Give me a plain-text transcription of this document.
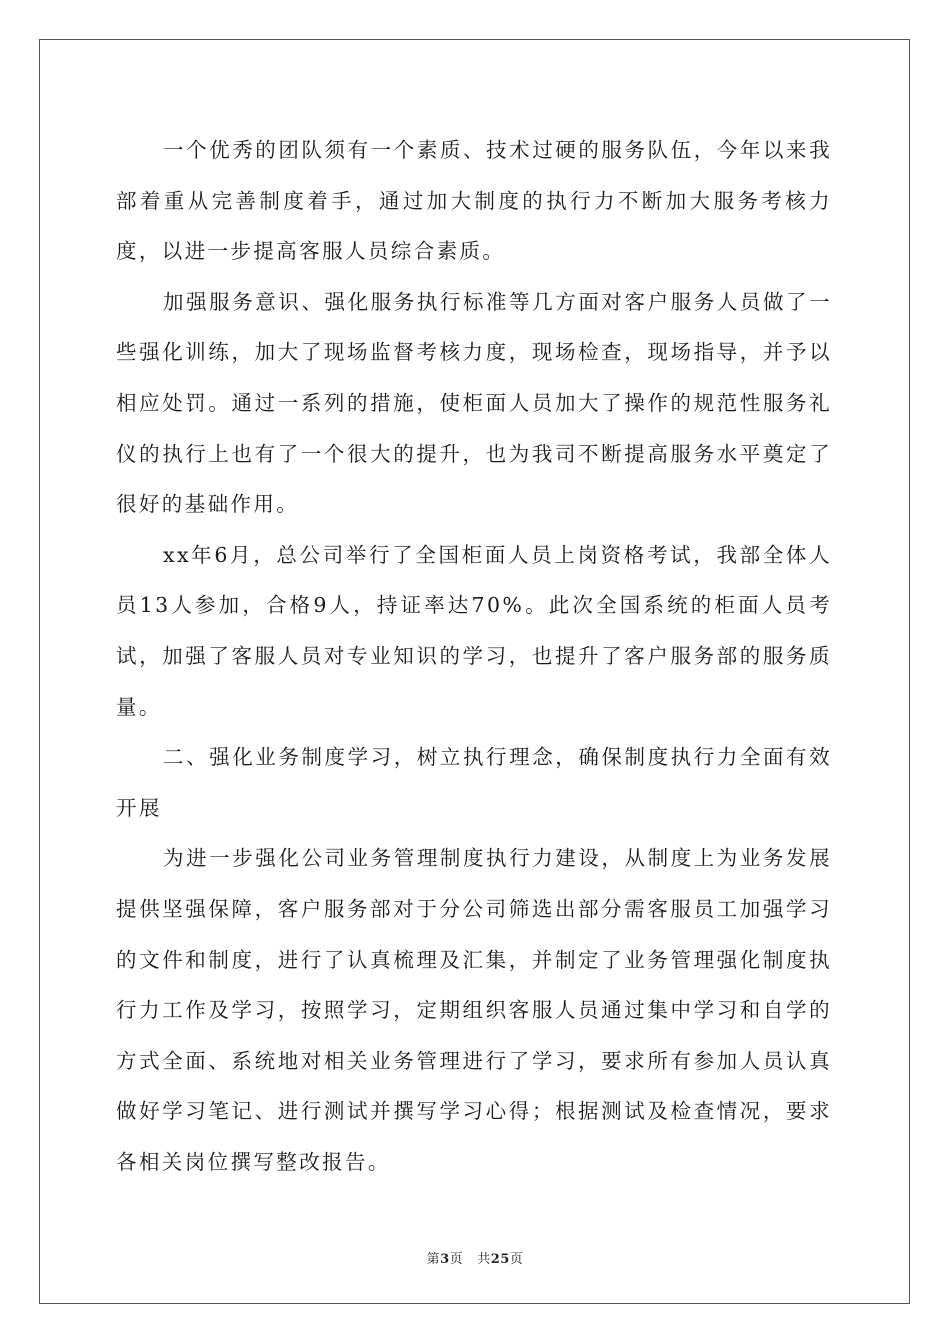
一个优秀的团队须有一个素质、技术过硬的服务队伍，今年以来我部着重从完善制度着手，通过加大制度的执行力不断加大服务考核力度，以进一步提高客服人员综合素质。

加强服务意识、强化服务执行标准等几方面对客户服务人员做了一些强化训练，加大了现场监督考核力度，现场检查，现场指导，并予以相应处罚。通过一系列的措施，使柜面人员加大了操作的规范性服务礼仪的执行上也有了一个很大的提升，也为我司不断提高服务水平奠定了很好的基础作用。

xx年6月，总公司举行了全国柜面人员上岗资格考试，我部全体人员13人参加，合格9人，持证率达70%。此次全国系统的柜面人员考试，加强了客服人员对专业知识的学习，也提升了客户服务部的服务质量。

二、强化业务制度学习，树立执行理念，确保制度执行力全面有效开展

为进一步强化公司业务管理制度执行力建设，从制度上为业务发展提供坚强保障，客户服务部对于分公司筛选出部分需客服员工加强学习的文件和制度，进行了认真梳理及汇集，并制定了业务管理强化制度执行力工作及学习，按照学习，定期组织客服人员通过集中学习和自学的方式全面、系统地对相关业务管理进行了学习，要求所有参加人员认真做好学习笔记、进行测试并撰写学习心得；根据测试及检查情况，要求各相关岗位撰写整改报告。

第3页 共25页
